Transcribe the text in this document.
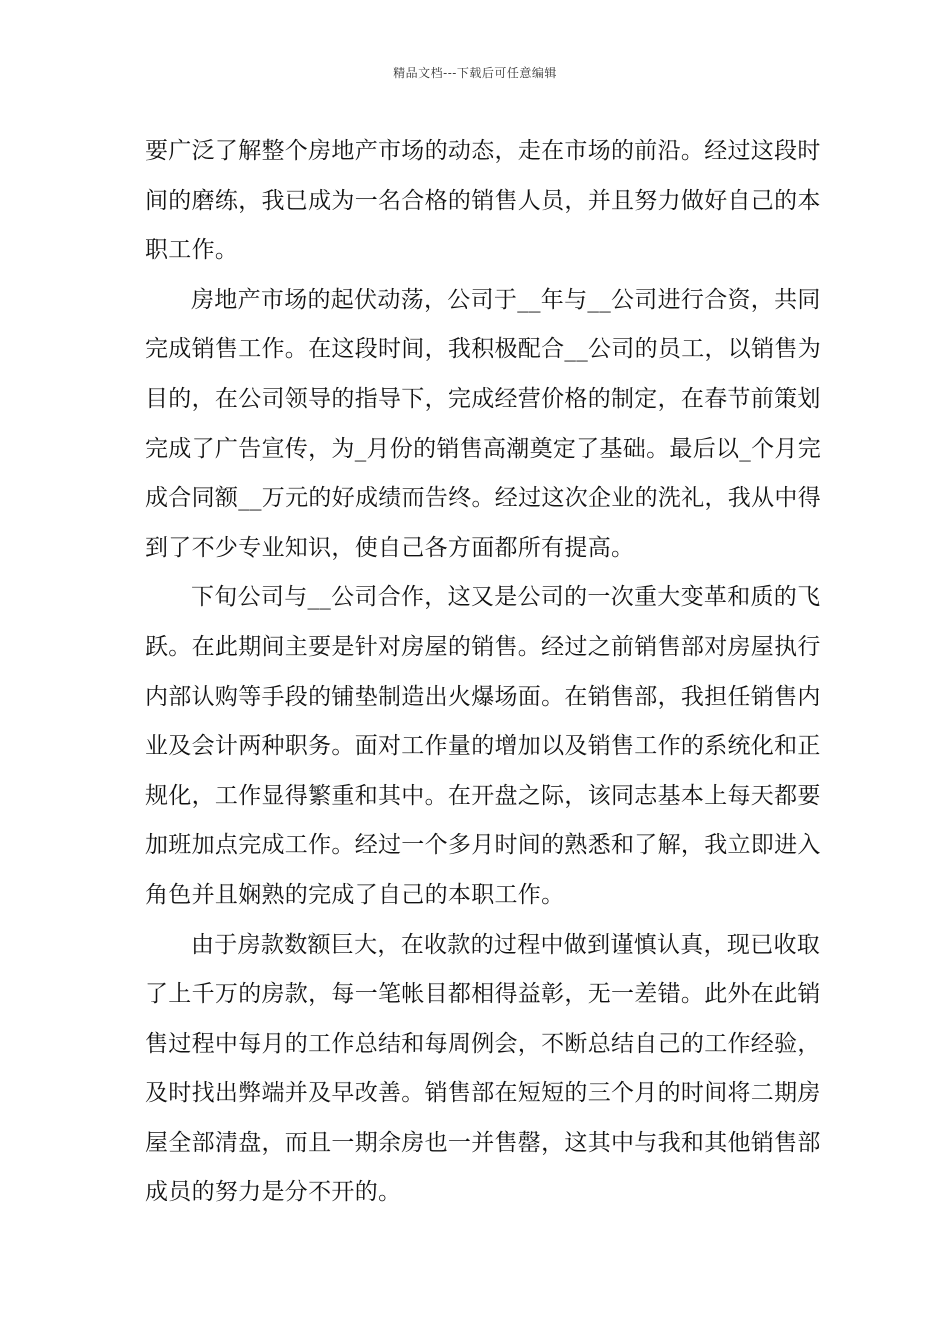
精品文档---下载后可任意编辑
要广泛了解整个房地产市场的动态，走在市场的前沿。经过这段时
间的磨练，我已成为一名合格的销售人员，并且努力做好自己的本
职工作。
房地产市场的起伏动荡，公司于__年与__公司进行合资，共同
完成销售工作。在这段时间，我积极配合__公司的员工，以销售为
目的，在公司领导的指导下，完成经营价格的制定，在春节前策划
完成了广告宣传，为_月份的销售高潮奠定了基础。最后以_个月完
成合同额__万元的好成绩而告终。经过这次企业的洗礼，我从中得
到了不少专业知识，使自己各方面都所有提高。
下旬公司与__公司合作，这又是公司的一次重大变革和质的飞
跃。在此期间主要是针对房屋的销售。经过之前销售部对房屋执行
内部认购等手段的铺垫制造出火爆场面。在销售部，我担任销售内
业及会计两种职务。面对工作量的增加以及销售工作的系统化和正
规化，工作显得繁重和其中。在开盘之际，该同志基本上每天都要
加班加点完成工作。经过一个多月时间的熟悉和了解，我立即进入
角色并且娴熟的完成了自己的本职工作。
由于房款数额巨大，在收款的过程中做到谨慎认真，现已收取
了上千万的房款，每一笔帐目都相得益彰，无一差错。此外在此销
售过程中每月的工作总结和每周例会，不断总结自己的工作经验，
及时找出弊端并及早改善。销售部在短短的三个月的时间将二期房
屋全部清盘，而且一期余房也一并售罄，这其中与我和其他销售部
成员的努力是分不开的。
